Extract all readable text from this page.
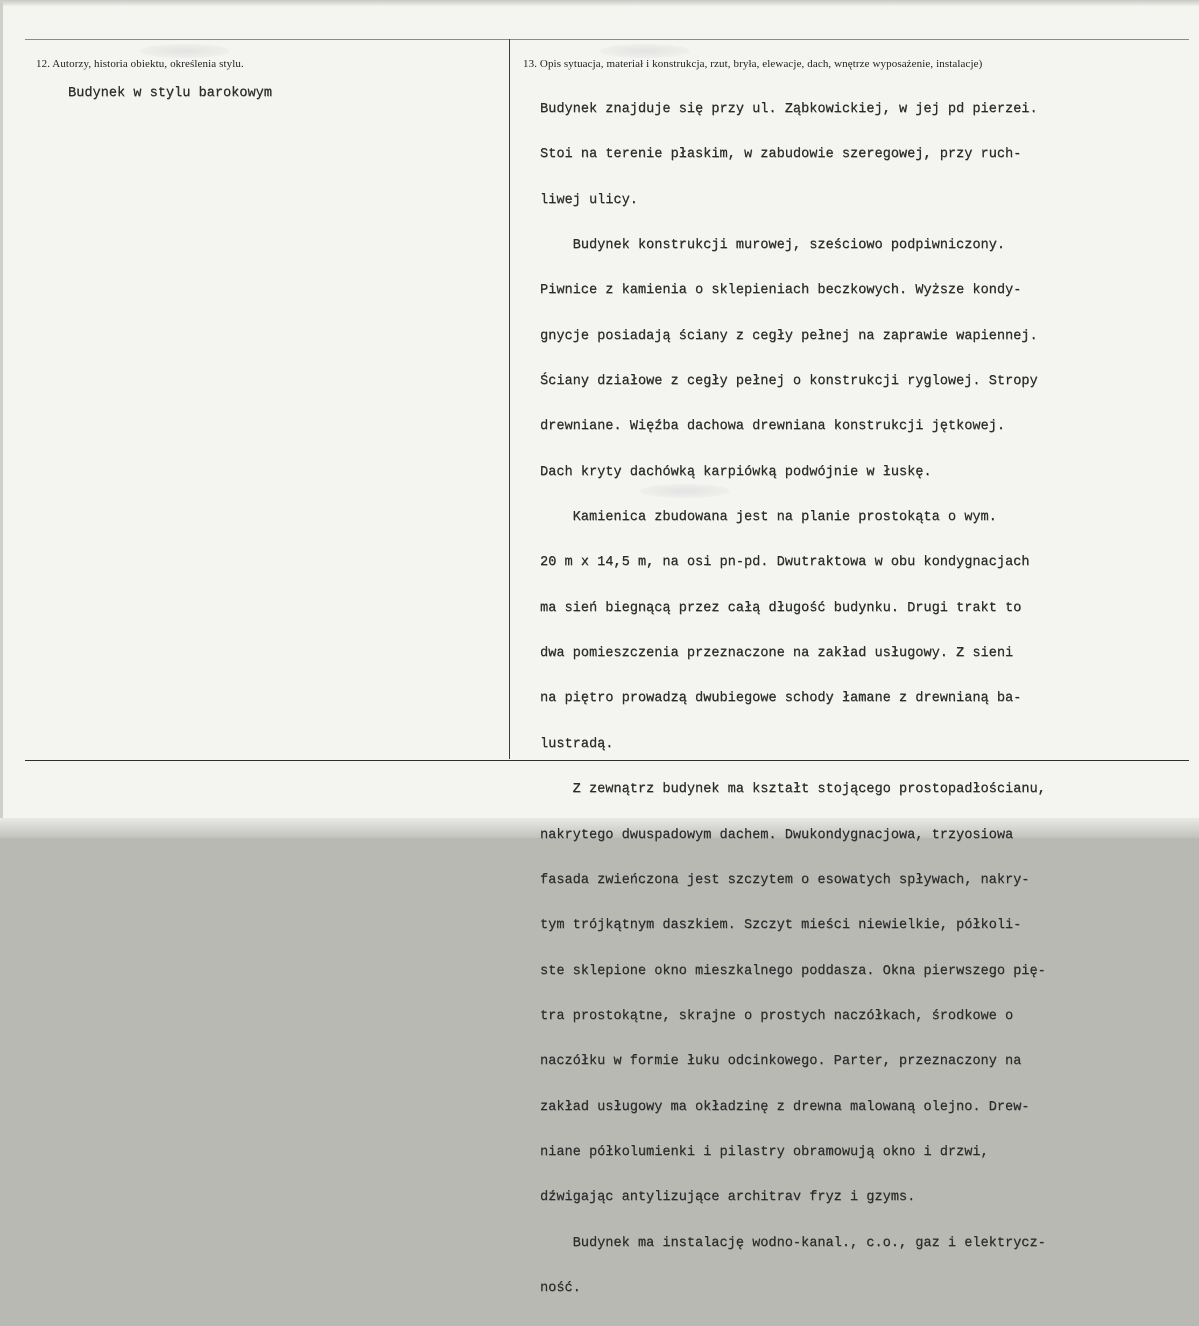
12. Autorzy, historia obiektu, określenia stylu.
Budynek w stylu barokowym
13. Opis sytuacja, materiał i konstrukcja, rzut, bryła, elewacje, dach, wnętrze wyposażenie, instalacje)

Budynek znajduje się przy ul. Ząbkowickiej, w jej pd pierzei.

Stoi na terenie płaskim, w zabudowie szeregowej, przy ruch-

liwej ulicy.

Budynek konstrukcji murowej, sześciowo podpiwniczony.

Piwnice z kamienia o sklepieniach beczkowych. Wyższe kondy-

gnycje posiadają ściany z cegły pełnej na zaprawie wapiennej.

Ściany działowe z cegły pełnej o konstrukcji ryglowej. Stropy

drewniane. Więźba dachowa drewniana konstrukcji jętkowej.

Dach kryty dachówką karpiówką podwójnie w łuskę.

Kamienica zbudowana jest na planie prostokąta o wym.

20 m x 14,5 m, na osi pn-pd. Dwutraktowa w obu kondygnacjach

ma sień biegnącą przez całą długość budynku. Drugi trakt to

dwa pomieszczenia przeznaczone na zakład usługowy. Z sieni

na piętro prowadzą dwubiegowe schody łamane z drewnianą ba-

lustradą.

Z zewnątrz budynek ma kształt stojącego prostopadłościanu,

nakrytego dwuspadowym dachem. Dwukondygnacjowa, trzyosiowa

fasada zwieńczona jest szczytem o esowatych spływach, nakry-

tym trójkątnym daszkiem. Szczyt mieści niewielkie, półkoli-

ste sklepione okno mieszkalnego poddasza. Okna pierwszego pię-

tra prostokątne, skrajne o prostych naczółkach, środkowe o

naczółku w formie łuku odcinkowego. Parter, przeznaczony na

zakład usługowy ma okładzinę z drewna malowaną olejno. Drew-

niane półkolumienki i pilastry obramowują okno i drzwi,

dźwigając antylizujące architrav fryz i gzyms.

Budynek ma instalację wodno-kanal., c.o., gaz i elektrycz-

ność.
